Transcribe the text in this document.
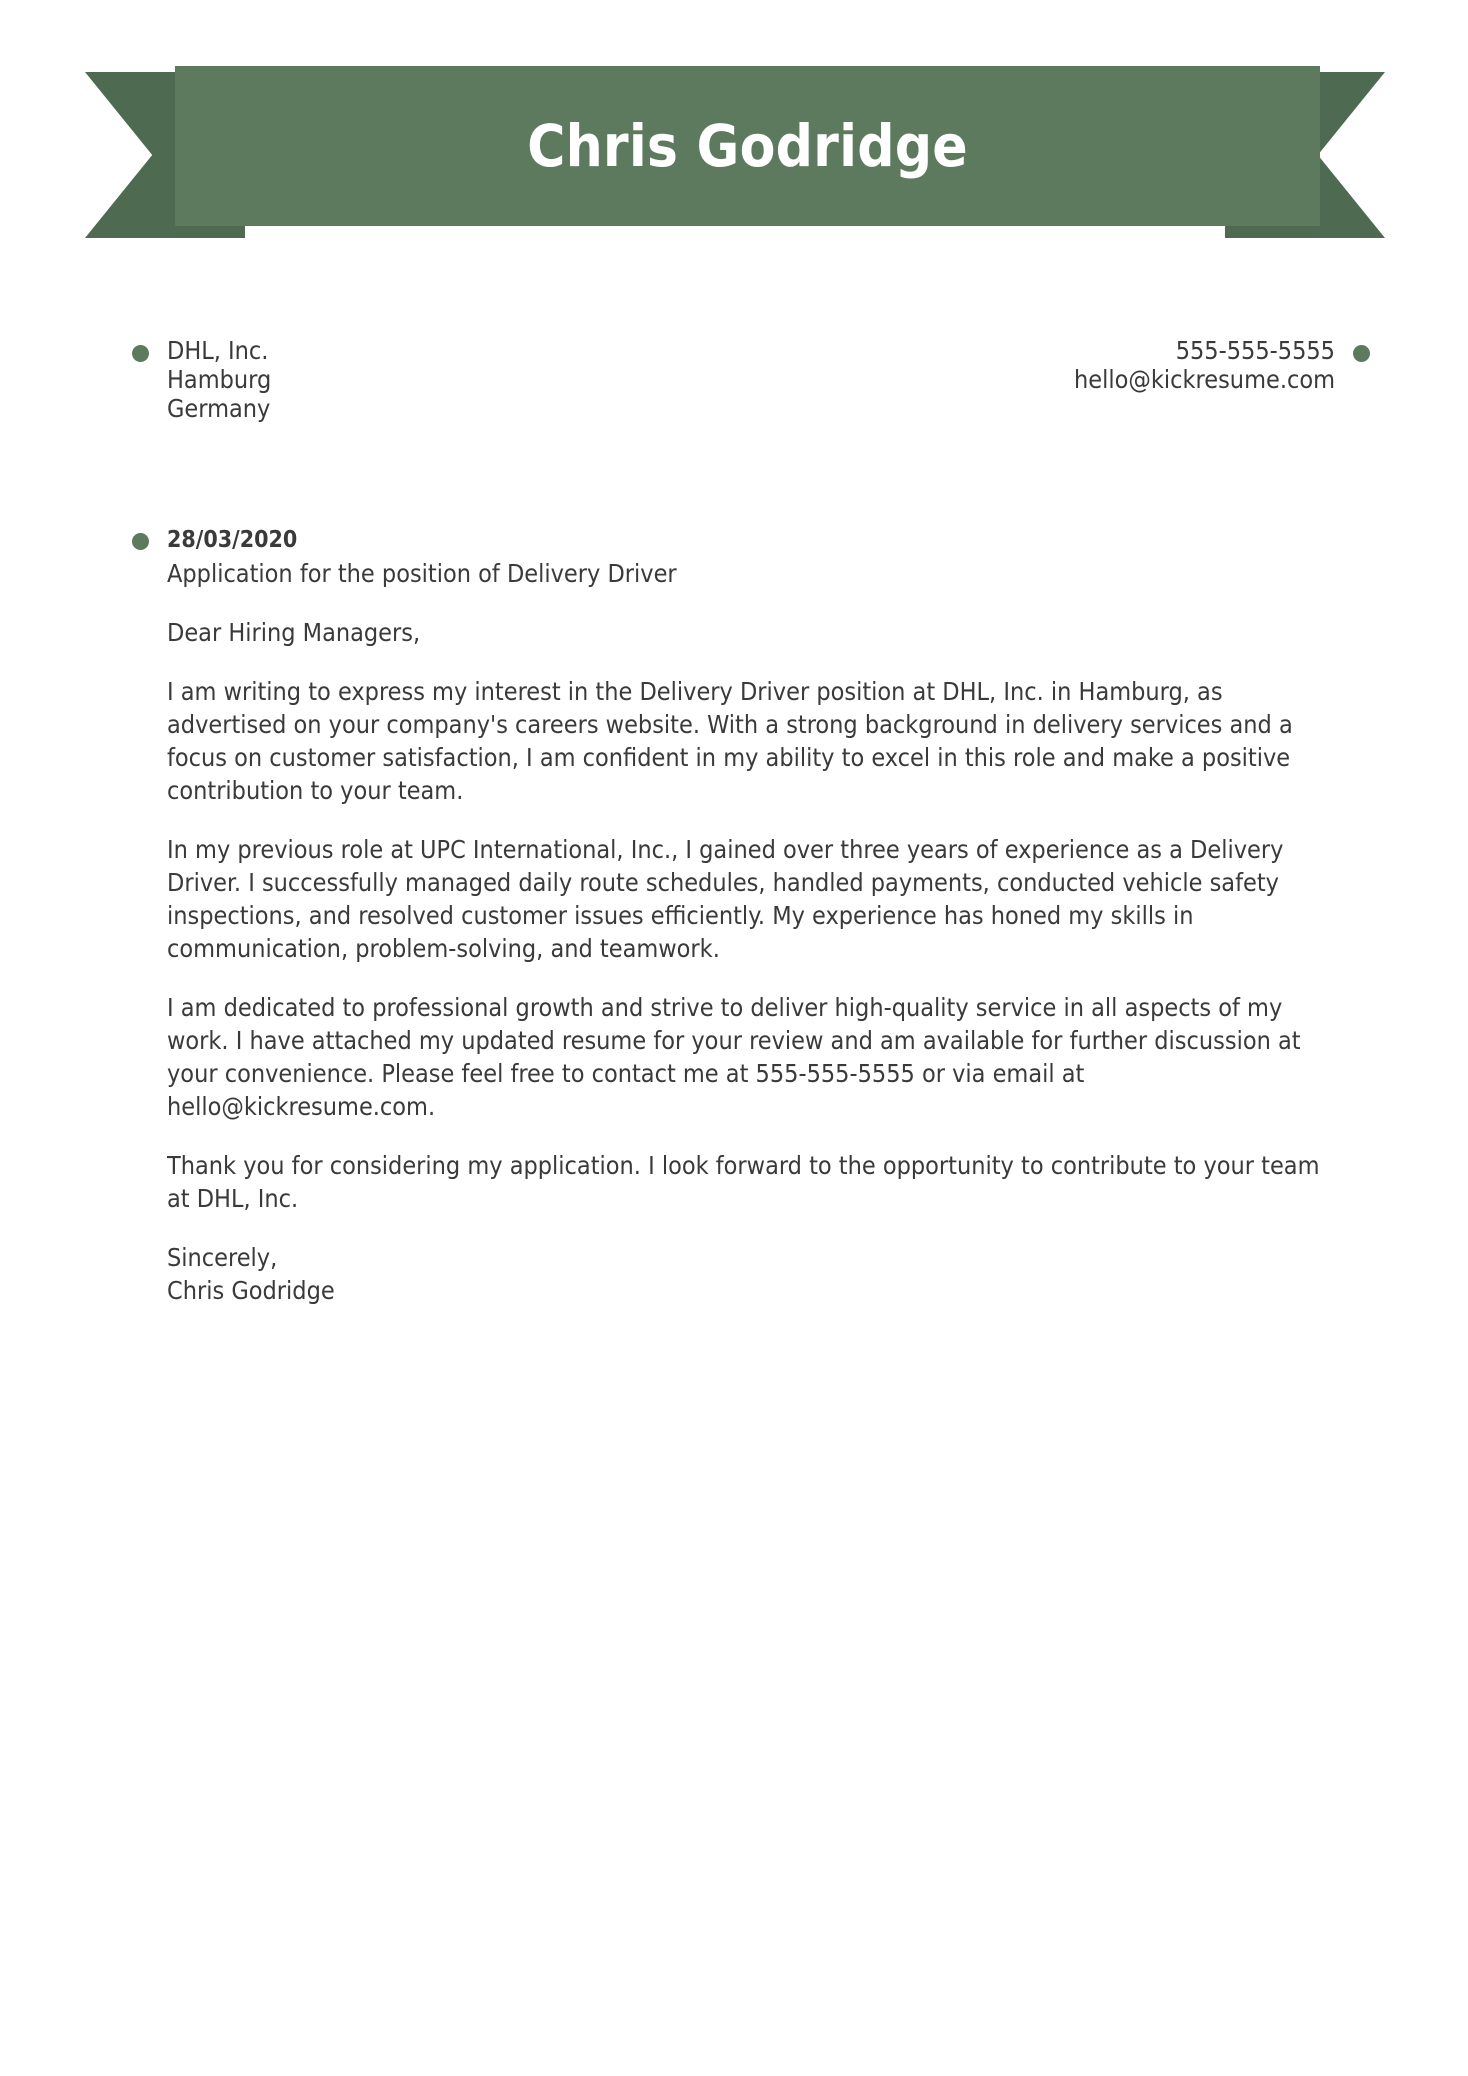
Chris Godridge
DHL, Inc.
Hamburg
Germany
555-555-5555
hello@kickresume.com
28/03/2020
Application for the position of Delivery Driver
Dear Hiring Managers,
I am writing to express my interest in the Delivery Driver position at DHL, Inc. in Hamburg, as advertised on your company's careers website. With a strong background in delivery services and a focus on customer satisfaction, I am confident in my ability to excel in this role and make a positive contribution to your team.
In my previous role at UPC International, Inc., I gained over three years of experience as a Delivery Driver. I successfully managed daily route schedules, handled payments, conducted vehicle safety inspections, and resolved customer issues efficiently. My experience has honed my skills in communication, problem-solving, and teamwork.
I am dedicated to professional growth and strive to deliver high-quality service in all aspects of my work. I have attached my updated resume for your review and am available for further discussion at your convenience. Please feel free to contact me at 555-555-5555 or via email at hello@kickresume.com.
Thank you for considering my application. I look forward to the opportunity to contribute to your team at DHL, Inc.
Sincerely,
Chris Godridge
